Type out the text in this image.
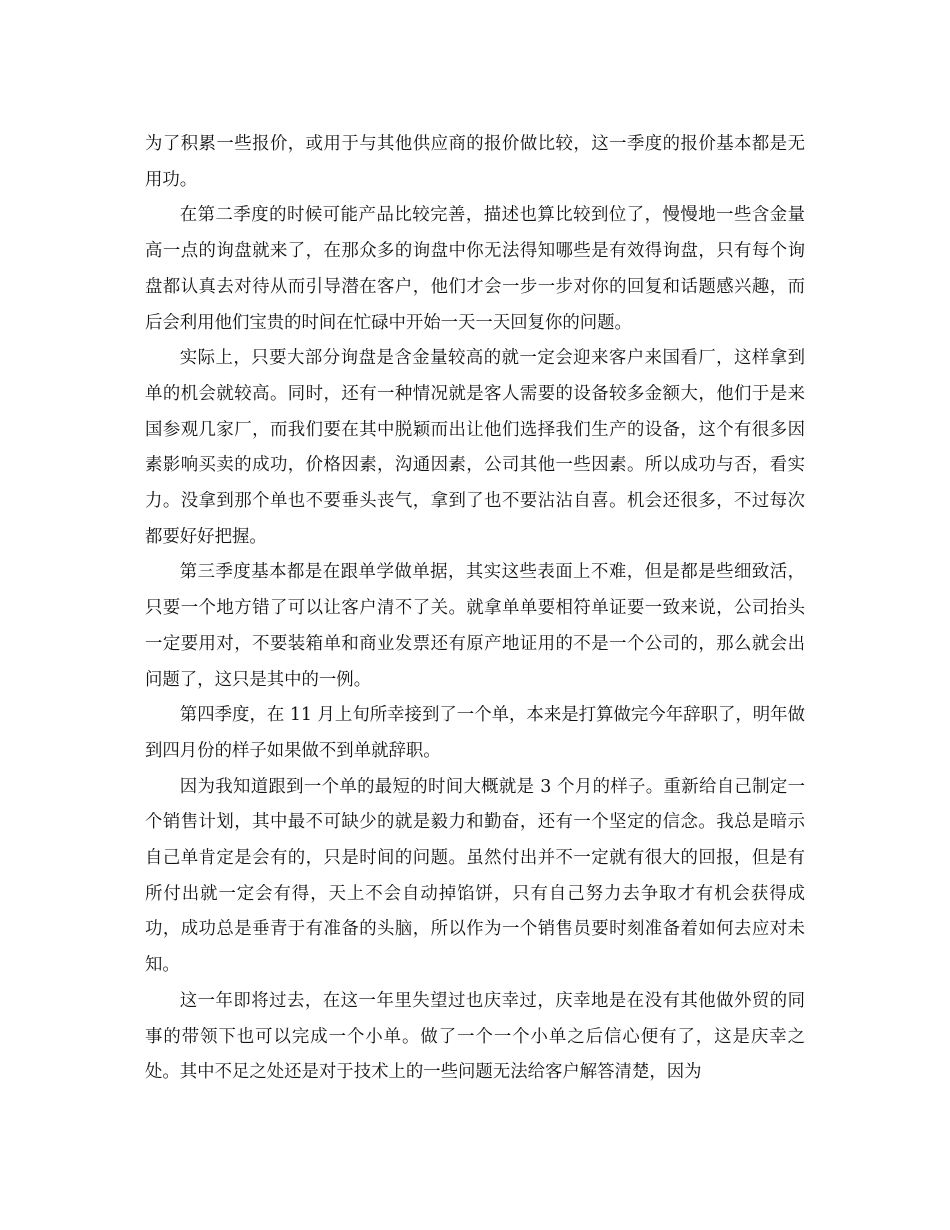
为了积累一些报价，或用于与其他供应商的报价做比较，这一季度的报价基本都是无用功。

在第二季度的时候可能产品比较完善，描述也算比较到位了，慢慢地一些含金量高一点的询盘就来了，在那众多的询盘中你无法得知哪些是有效得询盘，只有每个询盘都认真去对待从而引导潜在客户，他们才会一步一步对你的回复和话题感兴趣，而后会利用他们宝贵的时间在忙碌中开始一天一天回复你的问题。

实际上，只要大部分询盘是含金量较高的就一定会迎来客户来国看厂，这样拿到单的机会就较高。同时，还有一种情况就是客人需要的设备较多金额大，他们于是来国参观几家厂，而我们要在其中脱颖而出让他们选择我们生产的设备，这个有很多因素影响买卖的成功，价格因素，沟通因素，公司其他一些因素。所以成功与否，看实力。没拿到那个单也不要垂头丧气，拿到了也不要沾沾自喜。机会还很多，不过每次都要好好把握。

第三季度基本都是在跟单学做单据，其实这些表面上不难，但是都是些细致活，只要一个地方错了可以让客户清不了关。就拿单单要相符单证要一致来说，公司抬头一定要用对，不要装箱单和商业发票还有原产地证用的不是一个公司的，那么就会出问题了，这只是其中的一例。

第四季度，在 11 月上旬所幸接到了一个单，本来是打算做完今年辞职了，明年做到四月份的样子如果做不到单就辞职。

因为我知道跟到一个单的最短的时间大概就是 3 个月的样子。重新给自己制定一个销售计划，其中最不可缺少的就是毅力和勤奋，还有一个坚定的信念。我总是暗示自己单肯定是会有的，只是时间的问题。虽然付出并不一定就有很大的回报，但是有所付出就一定会有得，天上不会自动掉馅饼，只有自己努力去争取才有机会获得成功，成功总是垂青于有准备的头脑，所以作为一个销售员要时刻准备着如何去应对未知。

这一年即将过去，在这一年里失望过也庆幸过，庆幸地是在没有其他做外贸的同事的带领下也可以完成一个小单。做了一个一个小单之后信心便有了，这是庆幸之处。其中不足之处还是对于技术上的一些问题无法给客户解答清楚，因为
